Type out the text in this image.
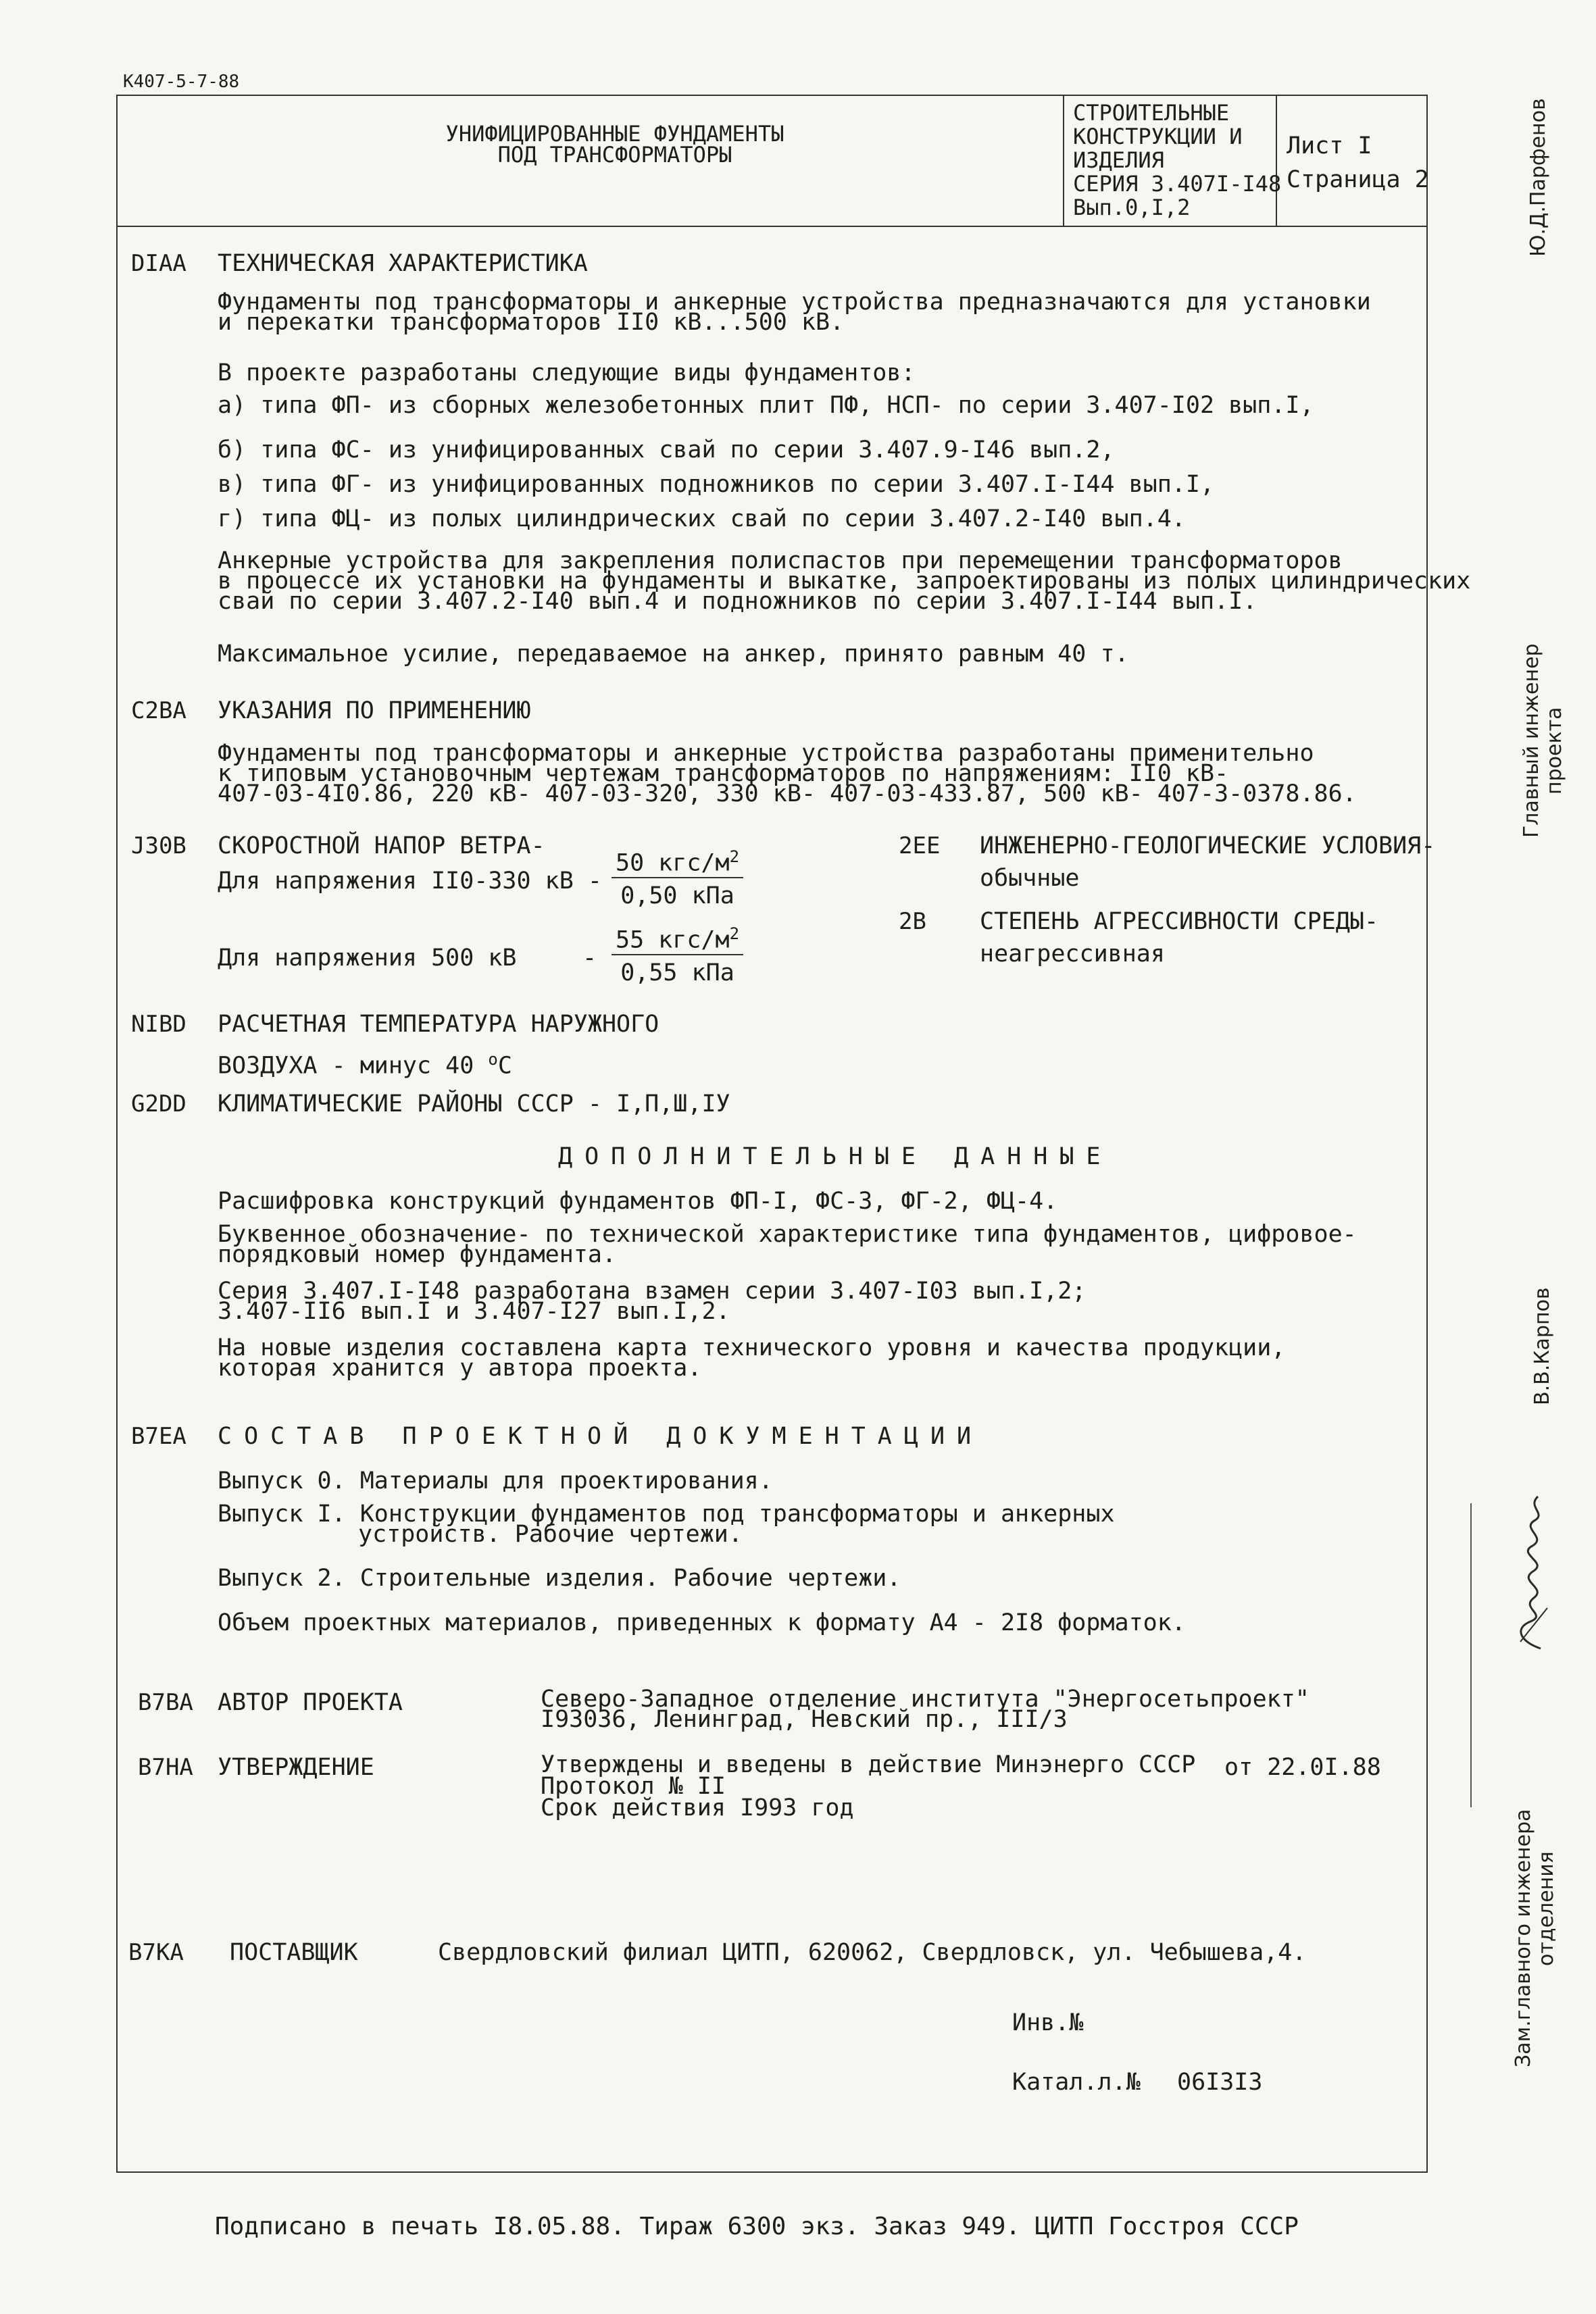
К407-5-7-88
УНИФИЦИРОВАННЫЕ ФУНДАМЕНТЫ
ПОД ТРАНСФОРМАТОРЫ
СТРОИТЕЛЬНЫЕ
КОНСТРУКЦИИ И
ИЗДЕЛИЯ
СЕРИЯ 3.407I-I48
Вып.0,I,2
Лист I
Страница 2
DIAA ТЕХНИЧЕСКАЯ ХАРАКТЕРИСТИКА
Фундаменты под трансформаторы и анкерные устройства предназначаются для установки
и перекатки трансформаторов II0 кВ...500 кВ.
В проекте разработаны следующие виды фундаментов:
а) типа ФП- из сборных железобетонных плит ПФ, НСП- по серии 3.407-I02 вып.I,
б) типа ФС- из унифицированных свай по серии 3.407.9-I46 вып.2,
в) типа ФГ- из унифицированных подножников по серии 3.407.I-I44 вып.I,
г) типа ФЦ- из полых цилиндрических свай по серии 3.407.2-I40 вып.4.
Анкерные устройства для закрепления полиспастов при перемещении трансформаторов
в процессе их установки на фундаменты и выкатке, запроектированы из полых цилиндрических
свай по серии 3.407.2-I40 вып.4 и подножников по серии 3.407.I-I44 вып.I.
Максимальное усилие, передаваемое на анкер, принято равным 40 т.
C2BA УКАЗАНИЯ ПО ПРИМЕНЕНИЮ
Фундаменты под трансформаторы и анкерные устройства разработаны применительно
к типовым установочным чертежам трансформаторов по напряжениям: II0 кВ-
407-03-4I0.86, 220 кВ- 407-03-320, 330 кВ- 407-03-433.87, 500 кВ- 407-3-0378.86.
J30B СКОРОСТНОЙ НАПОР ВЕТРА-
Для напряжения II0-330 кВ -
50 кгс/$м^2$
0,50 кПа
Для напряжения 500 кВ	-
55 кгс/$м^2$
0,55 кПа
2EE ИНЖЕНЕРНО-ГЕОЛОГИЧЕСКИЕ УСЛОВИЯ-
обычные
2B СТЕПЕНЬ АГРЕССИВНОСТИ СРЕДЫ-
неагрессивная
NIBD РАСЧЕТНАЯ ТЕМПЕРАТУРА НАРУЖНОГО
ВОЗДУХА - минус 40 $^о$С
G2DD КЛИМАТИЧЕСКИЕ РАЙОНЫ СССР - I,П,Ш,IУ
ДОПОЛНИТЕЛЬНЫЕ ДАННЫЕ
Расшифровка конструкций фундаментов ФП-I, ФС-3, ФГ-2, ФЦ-4.
Буквенное обозначение- по технической характеристике типа фундаментов, цифровое-
порядковый номер фундамента.
Серия 3.407.I-I48 разработана взамен серии 3.407-I03 вып.I,2;
3.407-II6 вып.I и 3.407-I27 вып.I,2.
На новые изделия составлена карта технического уровня и качества продукции,
которая хранится у автора проекта.
B7EA СОСТАВ ПРОЕКТНОЙ ДОКУМЕНТАЦИИ
Выпуск 0. Материалы для проектирования.
Выпуск I. Конструкции фундаментов под трансформаторы и анкерных
устройств. Рабочие чертежи.
Выпуск 2. Строительные изделия. Рабочие чертежи.
Объем проектных материалов, приведенных к формату А4 - 2I8 форматок.
B7BA АВТОР ПРОЕКТА	Северо-Западное отделение института "Энергосетьпроект"
I93036, Ленинград, Невский пр., III/3
B7HA УТВЕРЖДЕНИЕ	Утверждены и введены в действие Минэнерго СССР
Протокол № II
Срок действия I993 год
от 22.0I.88
B7KA ПОСТАВЩИК	Свердловский филиал ЦИТП, 620062, Свердловск, ул. Чебышева,4.
Инв.№
Катал.л.№ 06I3I3
Подписано в печать I8.05.88. Тираж 6300 экз. Заказ 949. ЦИТП Госстроя СССР
Ю.Д.Парфенов
Главный инженер проекта
В.В.Карпов
Зам.главного инженера отделения
